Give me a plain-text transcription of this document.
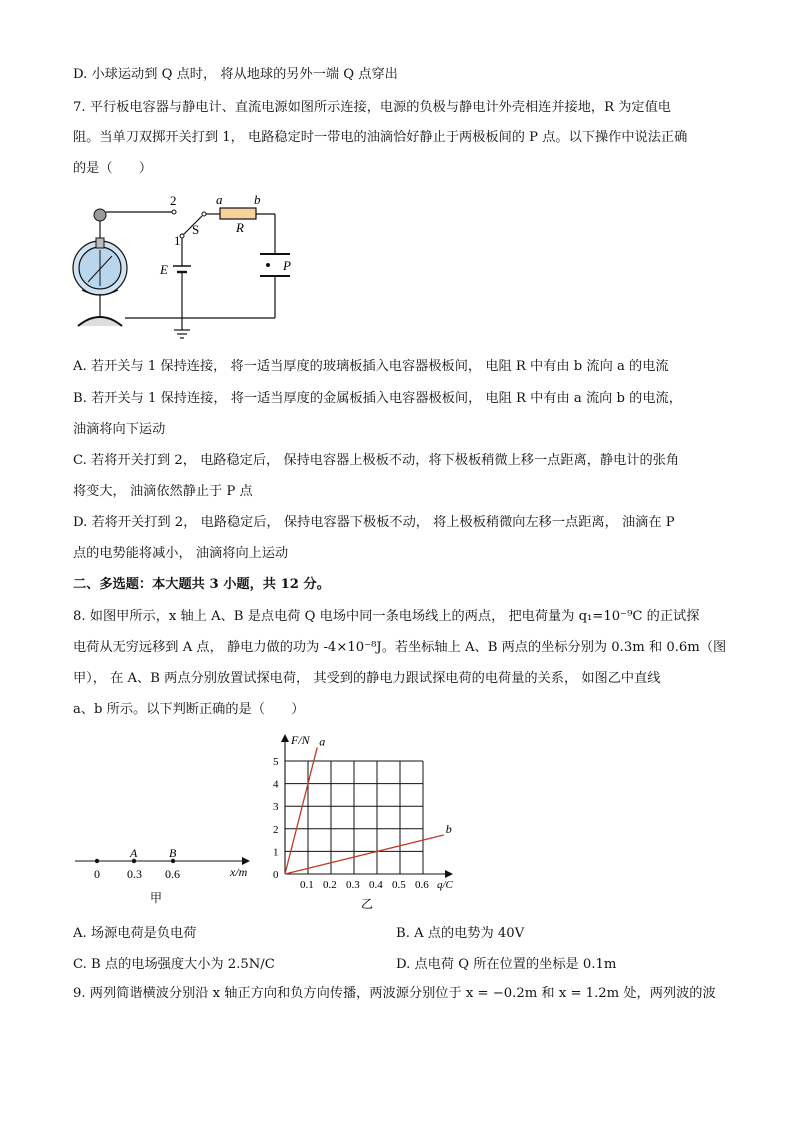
D. 小球运动到 Q 点时， 将从地球的另外一端 Q 点穿出
7. 平行板电容器与静电计、直流电源如图所示连接，电源的负极与静电计外壳相连并接地，R 为定值电
阻。当单刀双掷开关打到 1， 电路稳定时一带电的油滴恰好静止于两极板间的 P 点。以下操作中说法正确
的是（　　）
2
1
S
a b
R
E	P
A. 若开关与 1 保持连接， 将一适当厚度的玻璃板插入电容器极板间， 电阻 R 中有由 b 流向 a 的电流
B. 若开关与 1 保持连接， 将一适当厚度的金属板插入电容器极板间， 电阻 R 中有由 a 流向 b 的电流，
油滴将向下运动
C. 若将开关打到 2， 电路稳定后， 保持电容器上极板不动，将下极板稍微上移一点距离，静电计的张角
将变大， 油滴依然静止于 P 点
D. 若将开关打到 2， 电路稳定后， 保持电容器下极板不动， 将上极板稍微向左移一点距离， 油滴在 P
点的电势能将减小， 油滴将向上运动
二、多选题：本大题共 3 小题，共 12 分。
8. 如图甲所示，x 轴上 A、B 是点电荷 Q 电场中同一条电场线上的两点， 把电荷量为 q₁=10⁻⁹C 的正试探
电荷从无穷远移到 A 点， 静电力做的功为 -4×10⁻⁸J。若坐标轴上 A、B 两点的坐标分别为 0.3m 和 0.6m（图
甲）， 在 A、B 两点分别放置试探电荷， 其受到的静电力跟试探电荷的电荷量的关系， 如图乙中直线
a、b 所示。以下判断正确的是（　　）
A	B
0 0.3 0.6	x/m
甲
0.1 0.2 0.3 0.4 0.5 0.6
0
1
2
3
4
5
q/C
F/N a
b
乙
A. 场源电荷是负电荷	B. A 点的电势为 40V
C. B 点的电场强度大小为 2.5N/C	D. 点电荷 Q 所在位置的坐标是 0.1m
9. 两列简谐横波分别沿 x 轴正方向和负方向传播，两波源分别位于 x = −0.2m 和 x = 1.2m 处，两列波的波
